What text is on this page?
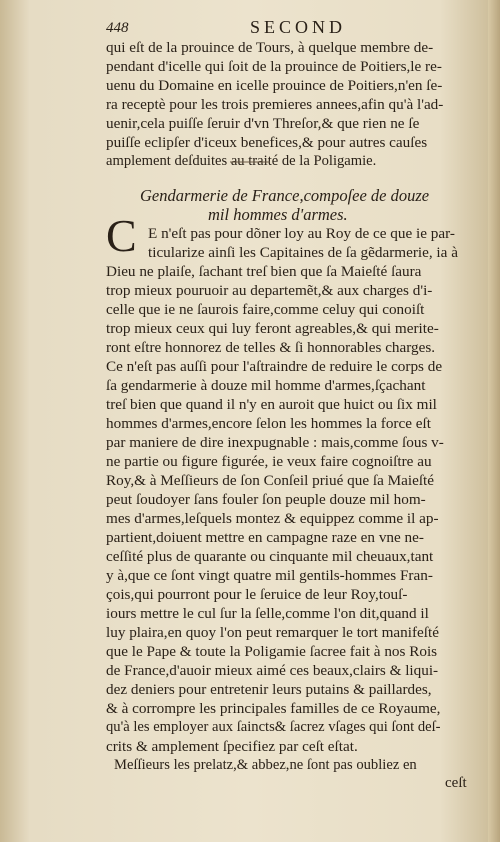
448	SECOND
qui eſt de la prouince de Tours, à quelque membre de-
pendant d'icelle qui ſoit de la prouince de Poitiers,le re-
uenu du Domaine en icelle prouince de Poitiers,n'en ſe-
ra receptè pour les trois premieres annees,afin qu'à l'ad-
uenir,cela puiſſe ſeruir d'vn Threſor,& que rien ne ſe
puiſſe eclipſer d'iceux benefices,& pour autres cauſes
amplement deſduites au traité de la Poligamie.
Gendarmerie de France,compoſee de douze
mil hommes d'armes.
C E n'eſt pas pour dõner loy au Roy de ce que ie par-
ticularize ainſi les Capitaines de ſa gẽdarmerie, ia à
Dieu ne plaiſe, ſachant treſ bien que ſa Maieſté ſaura
trop mieux pouruoir au departemẽt,& aux charges d'i-
celle que ie ne ſaurois faire,comme celuy qui conoiſt
trop mieux ceux qui luy feront agreables,& qui merite-
ront eſtre honnorez de telles & ſi honnorables charges.
Ce n'eſt pas auſſi pour l'aſtraindre de reduire le corps de
ſa gendarmerie à douze mil homme d'armes,ſçachant
treſ bien que quand il n'y en auroit que huict ou ſix mil
hommes d'armes,encore ſelon les hommes la force eſt
par maniere de dire inexpugnable : mais,comme ſous v-
ne partie ou figure figurée, ie veux faire cognoiſtre au
Roy,& à Meſſieurs de ſon Conſeil priué que ſa Maieſté
peut ſoudoyer ſans fouler ſon peuple douze mil hom-
mes d'armes,leſquels montez & equippez comme il ap-
partient,doiuent mettre en campagne raze en vne ne-
ceſſité plus de quarante ou cinquante mil cheuaux,tant
y à,que ce ſont vingt quatre mil gentils-hommes Fran-
çois,qui pourront pour le ſeruice de leur Roy,touſ-
iours mettre le cul ſur la ſelle,comme l'on dit,quand il
luy plaira,en quoy l'on peut remarquer le tort manifeſté
que le Pape & toute la Poligamie ſacree fait à nos Rois
de France,d'auoir mieux aimé ces beaux,clairs & liqui-
dez deniers pour entretenir leurs putains & paillardes,
& à corrompre les principales familles de ce Royaume,
qu'à les employer aux ſaincts& ſacrez vſages qui ſont deſ-
crits & amplement ſpecifiez par ceſt eſtat.
Meſſieurs les prelatz,& abbez,ne ſont pas oubliez en
ceſt
